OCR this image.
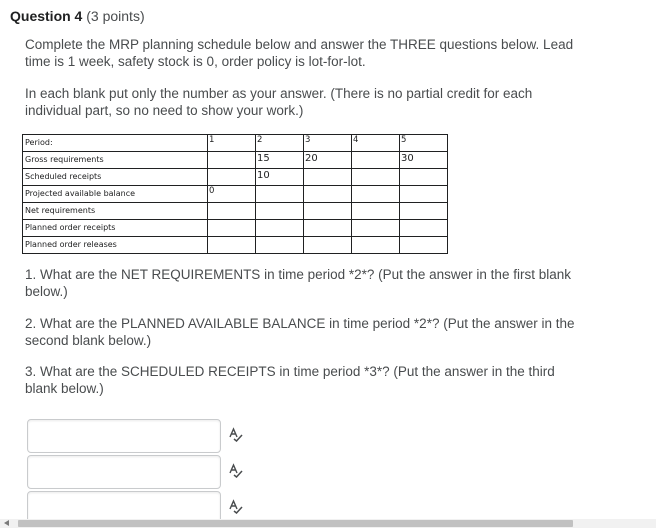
Question 4 (3 points)
Complete the MRP planning schedule below and answer the THREE questions below. Lead time is 1 week, safety stock is 0, order policy is lot-for-lot.
In each blank put only the number as your answer. (There is no partial credit for each individual part, so no need to show your work.)
Period:	1	2	3	4	5
Gross requirements		15	20		30
Scheduled receipts		10			
Projected available balance	0				
Net requirements					
Planned order receipts					
Planned order releases					
1. What are the NET REQUIREMENTS in time period *2*? (Put the answer in the first blank below.)
2. What are the PLANNED AVAILABLE BALANCE in time period *2*? (Put the answer in the second blank below.)
3. What are the SCHEDULED RECEIPTS in time period *3*? (Put the answer in the third blank below.)
